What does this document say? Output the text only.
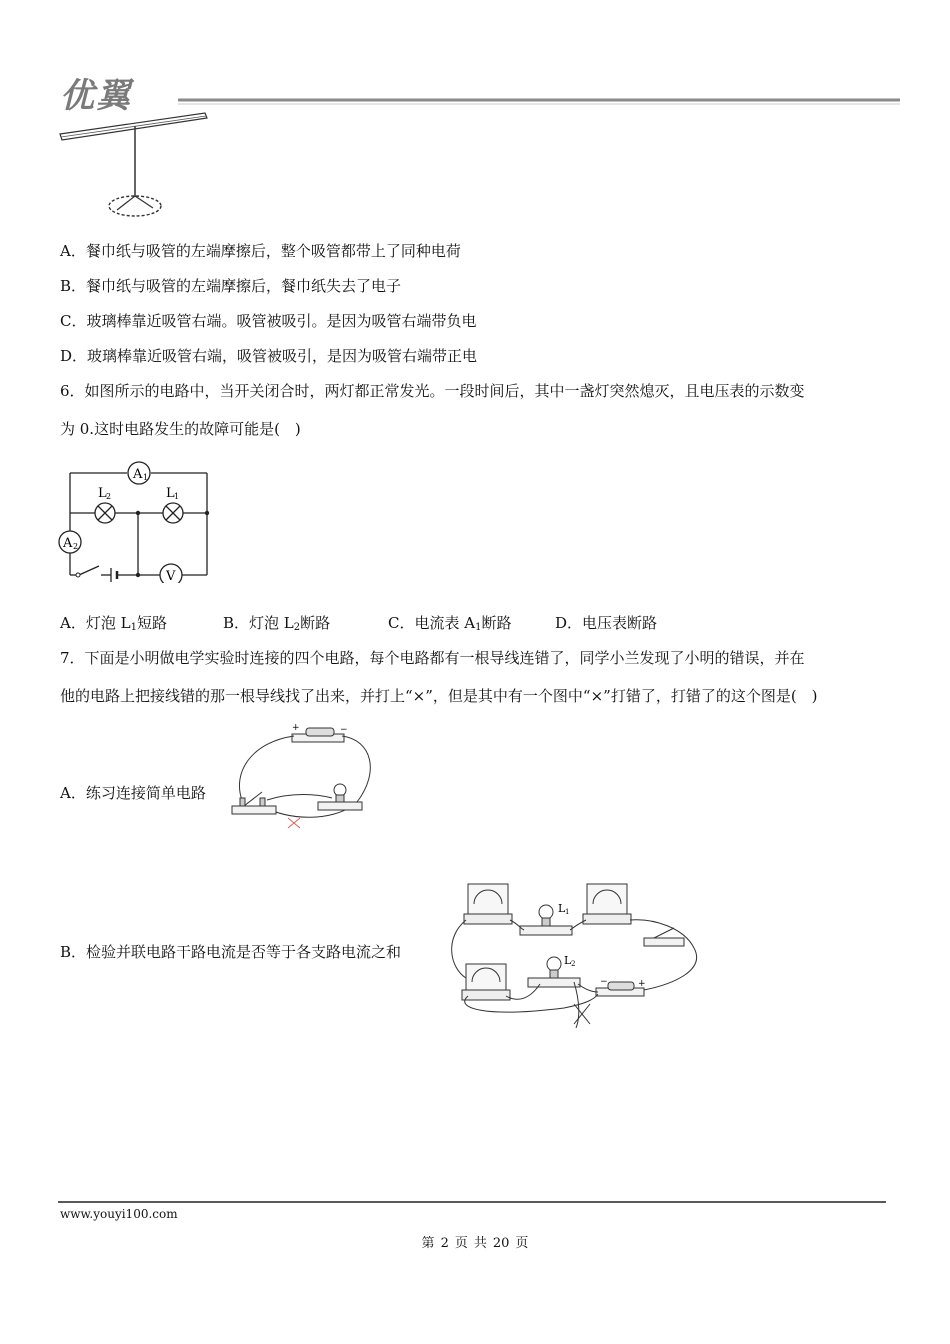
优翼
A．餐巾纸与吸管的左端摩擦后，整个吸管都带上了同种电荷
B．餐巾纸与吸管的左端摩擦后，餐巾纸失去了电子
C．玻璃棒靠近吸管右端。吸管被吸引。是因为吸管右端带负电
D．玻璃棒靠近吸管右端，吸管被吸引，是因为吸管右端带正电
6．如图所示的电路中，当开关闭合时，两灯都正常发光。一段时间后，其中一盏灯突然熄灭，且电压表的示数变
为 0.这时电路发生的故障可能是(　)
A 1
A 2
V
L 2	L 1
A．灯泡 $L_1$短路	B．灯泡 $L_2$断路	C．电流表 $A_1$断路	D．电压表断路
7．下面是小明做电学实验时连接的四个电路，每个电路都有一根导线连错了，同学小兰发现了小明的错误，并在
他的电路上把接线错的那一根导线找了出来，并打上“×”，但是其中有一个图中“×”打错了，打错了的这个图是(　)
A．练习连接简单电路
+	−
B．检验并联电路干路电流是否等于各支路电流之和
L 1
L 2
−	+
www.youyi100.com
第 2 页 共 20 页
